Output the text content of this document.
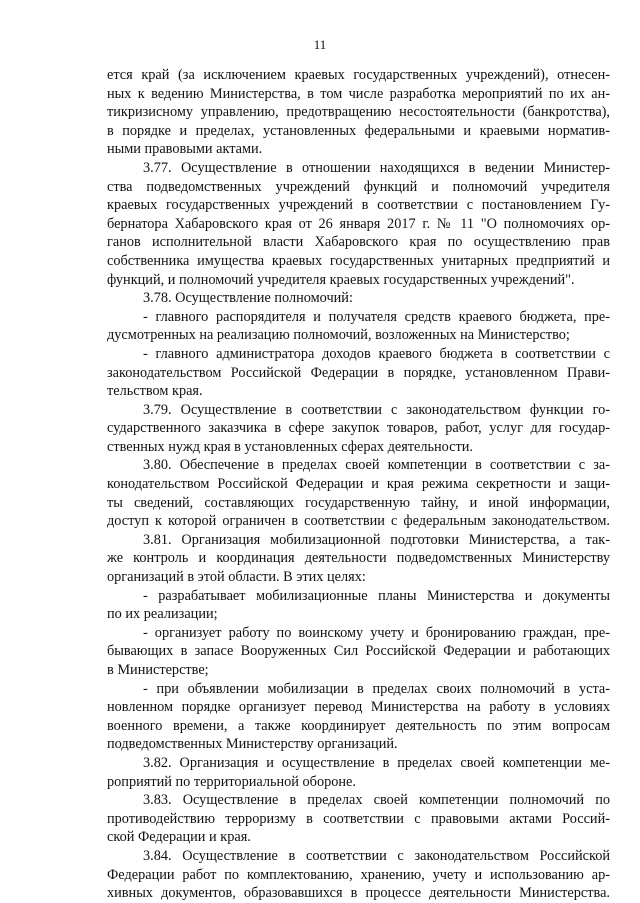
11
ется край (за исключением краевых государственных учреждений), отнесен-
ных к ведению Министерства, в том числе разработка мероприятий по их ан-
тикризисному управлению, предотвращению несостоятельности (банкротства),
в порядке и пределах, установленных федеральными и краевыми норматив-
ными правовыми актами.
3.77. Осуществление в отношении находящихся в ведении Министер-
ства подведомственных учреждений функций и полномочий учредителя
краевых государственных учреждений в соответствии с постановлением Гу-
бернатора Хабаровского края от 26 января 2017 г. № 11 "О полномочиях ор-
ганов исполнительной власти Хабаровского края по осуществлению прав
собственника имущества краевых государственных унитарных предприятий и
функций, и полномочий учредителя краевых государственных учреждений".
3.78. Осуществление полномочий:
- главного распорядителя и получателя средств краевого бюджета, пре-
дусмотренных на реализацию полномочий, возложенных на Министерство;
- главного администратора доходов краевого бюджета в соответствии с
законодательством Российской Федерации в порядке, установленном Прави-
тельством края.
3.79. Осуществление в соответствии с законодательством функции го-
сударственного заказчика в сфере закупок товаров, работ, услуг для государ-
ственных нужд края в установленных сферах деятельности.
3.80. Обеспечение в пределах своей компетенции в соответствии с за-
конодательством Российской Федерации и края режима секретности и защи-
ты сведений, составляющих государственную тайну, и иной информации,
доступ к которой ограничен в соответствии с федеральным законодательством.
3.81. Организация мобилизационной подготовки Министерства, а так-
же контроль и координация деятельности подведомственных Министерству
организаций в этой области. В этих целях:
- разрабатывает мобилизационные планы Министерства и документы
по их реализации;
- организует работу по воинскому учету и бронированию граждан, пре-
бывающих в запасе Вооруженных Сил Российской Федерации и работающих
в Министерстве;
- при объявлении мобилизации в пределах своих полномочий в уста-
новленном порядке организует перевод Министерства на работу в условиях
военного времени, а также координирует деятельность по этим вопросам
подведомственных Министерству организаций.
3.82. Организация и осуществление в пределах своей компетенции ме-
роприятий по территориальной обороне.
3.83. Осуществление в пределах своей компетенции полномочий по
противодействию терроризму в соответствии с правовыми актами Россий-
ской Федерации и края.
3.84. Осуществление в соответствии с законодательством Российской
Федерации работ по комплектованию, хранению, учету и использованию ар-
хивных документов, образовавшихся в процессе деятельности Министерства.
